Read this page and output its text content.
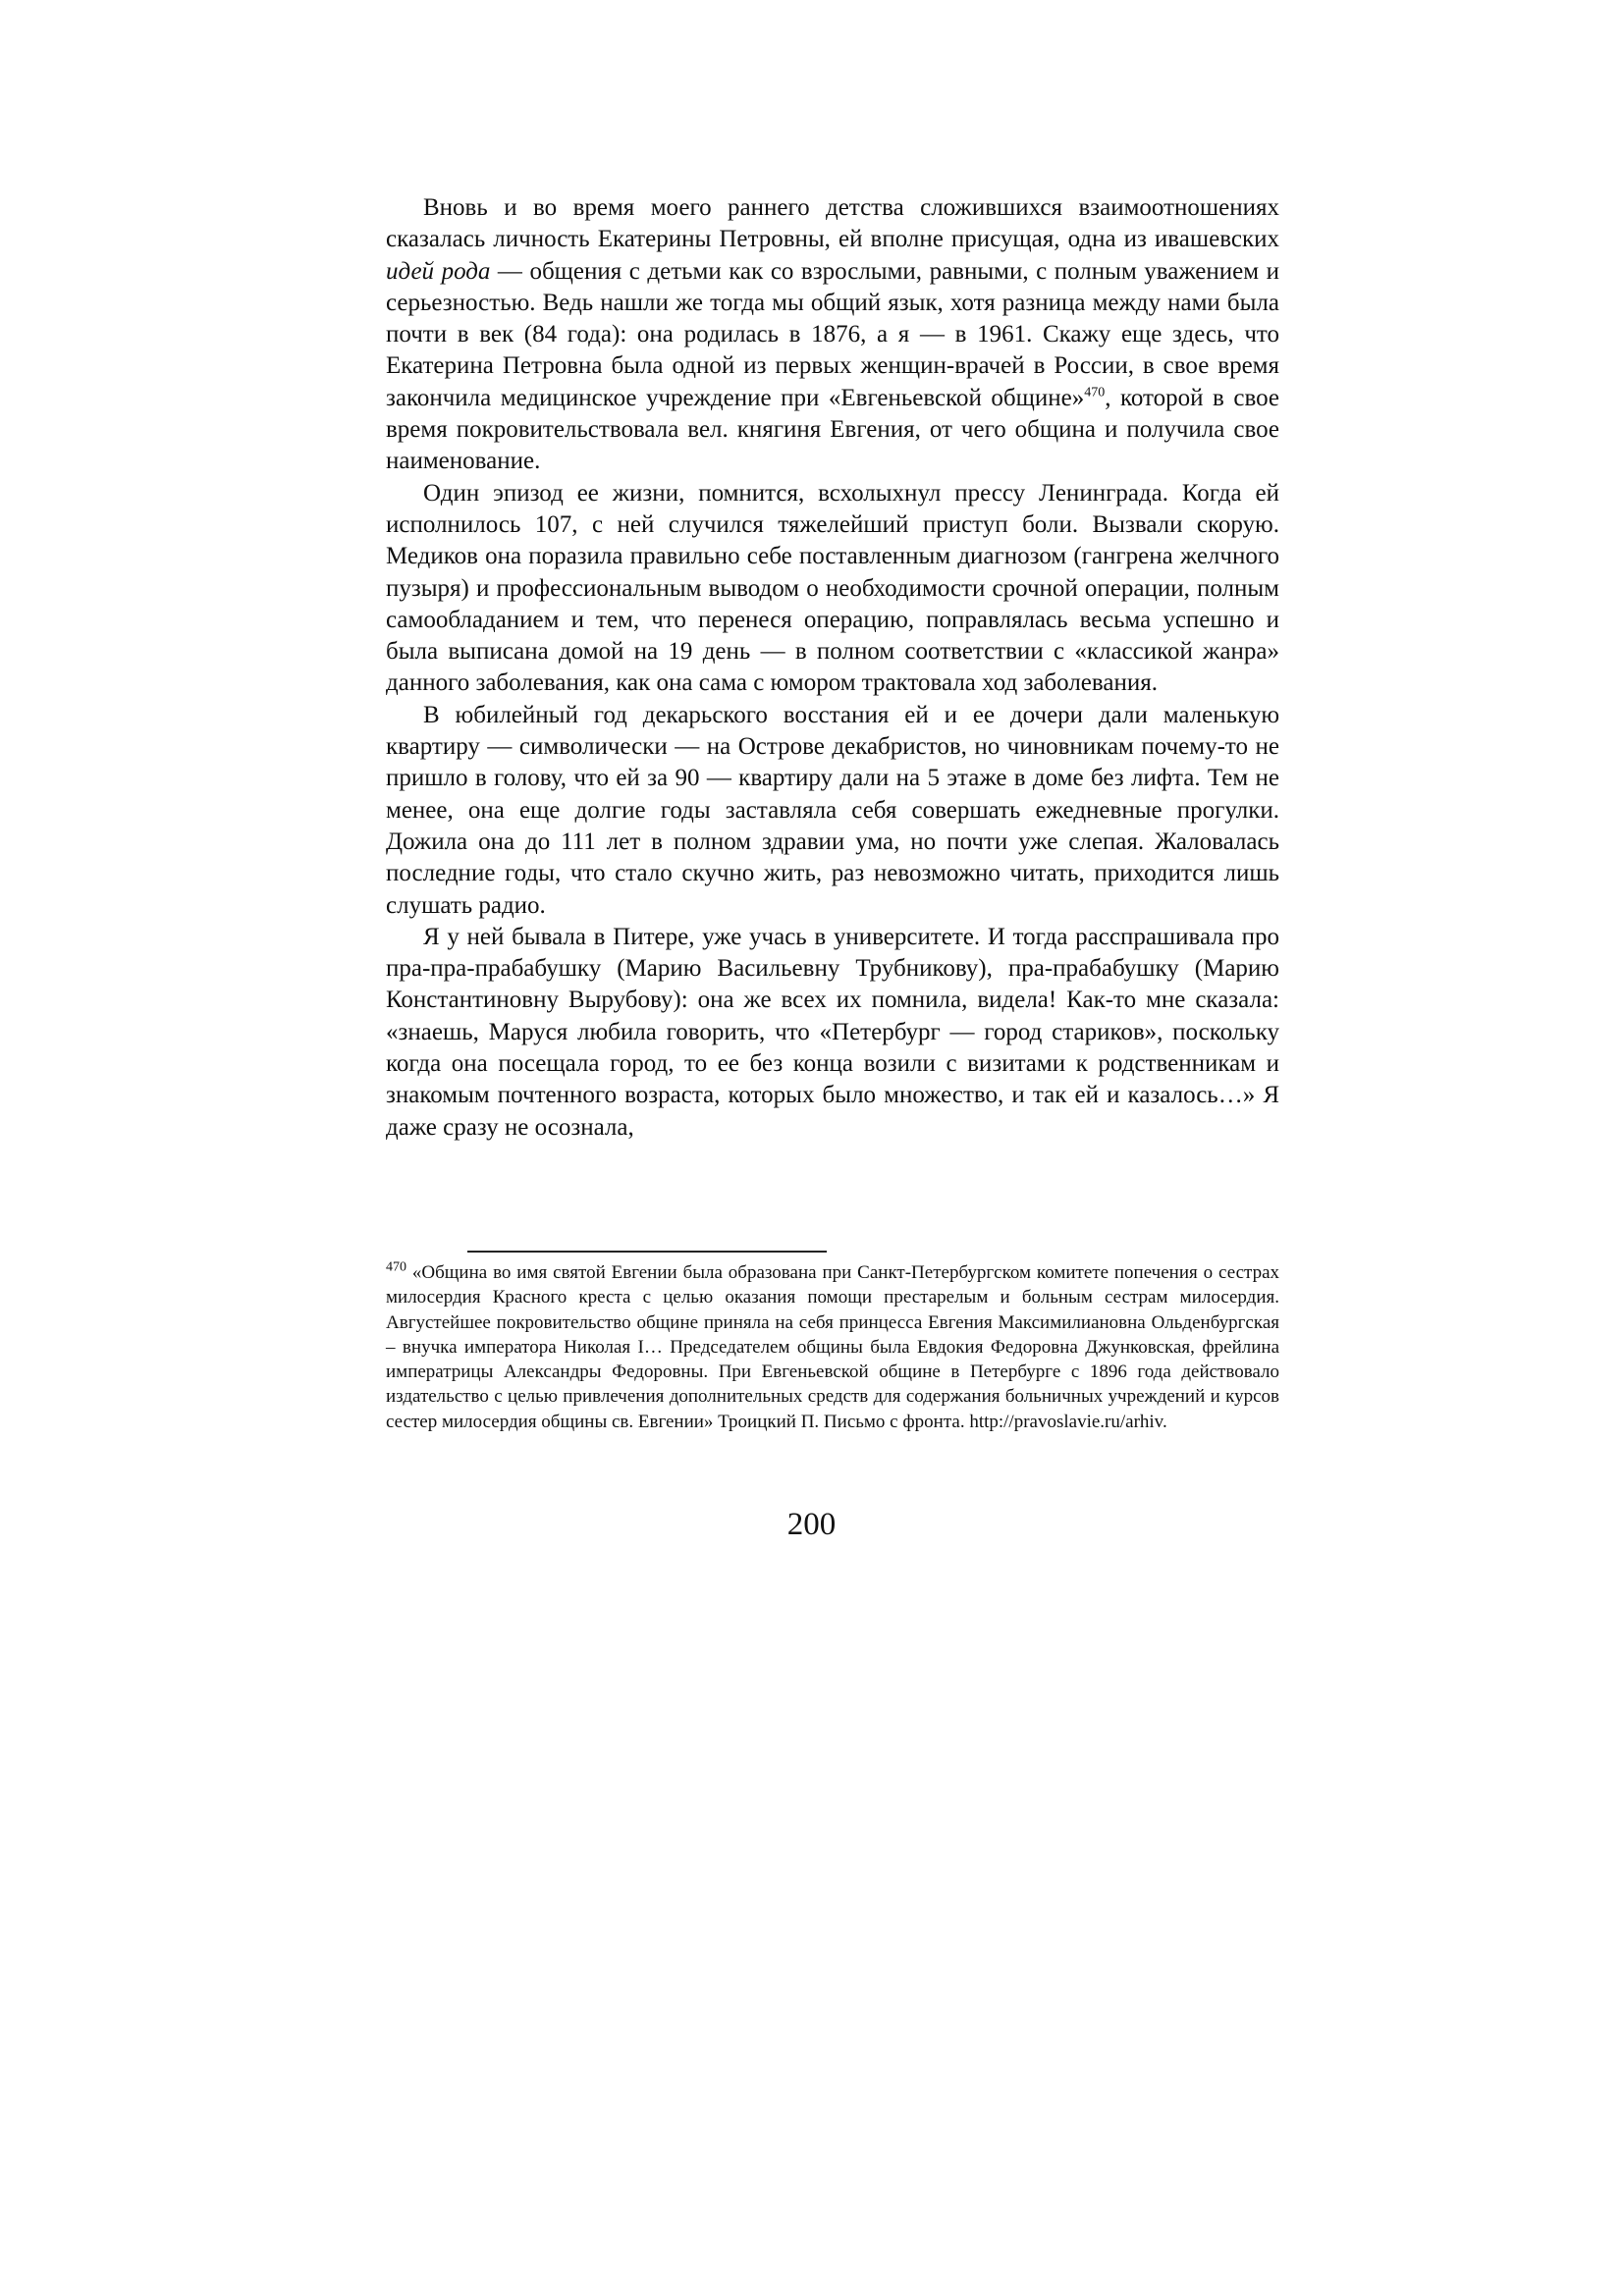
Вновь и во время моего раннего детства сложившихся взаимоотношениях сказалась личность Екатерины Петровны, ей вполне присущая, одна из ивашевских идей рода — общения с детьми как со взрослыми, равными, с полным уважением и серьезностью. Ведь нашли же тогда мы общий язык, хотя разница между нами была почти в век (84 года): она родилась в 1876, а я — в 1961. Скажу еще здесь, что Екатерина Петровна была одной из первых женщин-врачей в России, в свое время закончила медицинское учреждение при «Евгеньевской общине»$^{470}$, которой в свое время покровительствовала вел. княгиня Евгения, от чего община и получила свое наименование.

Один эпизод ее жизни, помнится, всхолыхнул прессу Ленинграда. Когда ей исполнилось 107, с ней случился тяжелейший приступ боли. Вызвали скорую. Медиков она поразила правильно себе поставленным диагнозом (гангрена желчного пузыря) и профессиональным выводом о необходимости срочной операции, полным самообладанием и тем, что перенеся операцию, поправлялась весьма успешно и была выписана домой на 19 день — в полном соответствии с «классикой жанра» данного заболевания, как она сама с юмором трактовала ход заболевания.

В юбилейный год декарьского восстания ей и ее дочери дали маленькую квартиру — символически — на Острове декабристов, но чиновникам почему-то не пришло в голову, что ей за 90 — квартиру дали на 5 этаже в доме без лифта. Тем не менее, она еще долгие годы заставляла себя совершать ежедневные прогулки. Дожила она до 111 лет в полном здравии ума, но почти уже слепая. Жаловалась последние годы, что стало скучно жить, раз невозможно читать, приходится лишь слушать радио.

Я у ней бывала в Питере, уже учась в университете. И тогда расспрашивала про пра-пра-прабабушку (Марию Васильевну Трубникову), пра-прабабушку (Марию Константиновну Вырубову): она же всех их помнила, видела! Как-то мне сказала: «знаешь, Маруся любила говорить, что «Петербург — город стариков», поскольку когда она посещала город, то ее без конца возили с визитами к родственникам и знакомым почтенного возраста, которых было множество, и так ей и казалось…» Я даже сразу не осознала,

$^{470}$ «Община во имя святой Евгении была образована при Санкт-Петербургском комитете попечения о сестрах милосердия Красного креста с целью оказания помощи престарелым и больным сестрам милосердия. Августейшее покровительство общине приняла на себя принцесса Евгения Максимилиановна Ольденбургская – внучка императора Николая I… Председателем общины была Евдокия Федоровна Джунковская, фрейлина императрицы Александры Федоровны. При Евгеньевской общине в Петербурге с 1896 года действовало издательство с целью привлечения дополнительных средств для содержания больничных учреждений и курсов сестер милосердия общины св. Евгении» Троицкий П. Письмо с фронта. http://pravoslavie.ru/arhiv.

200
